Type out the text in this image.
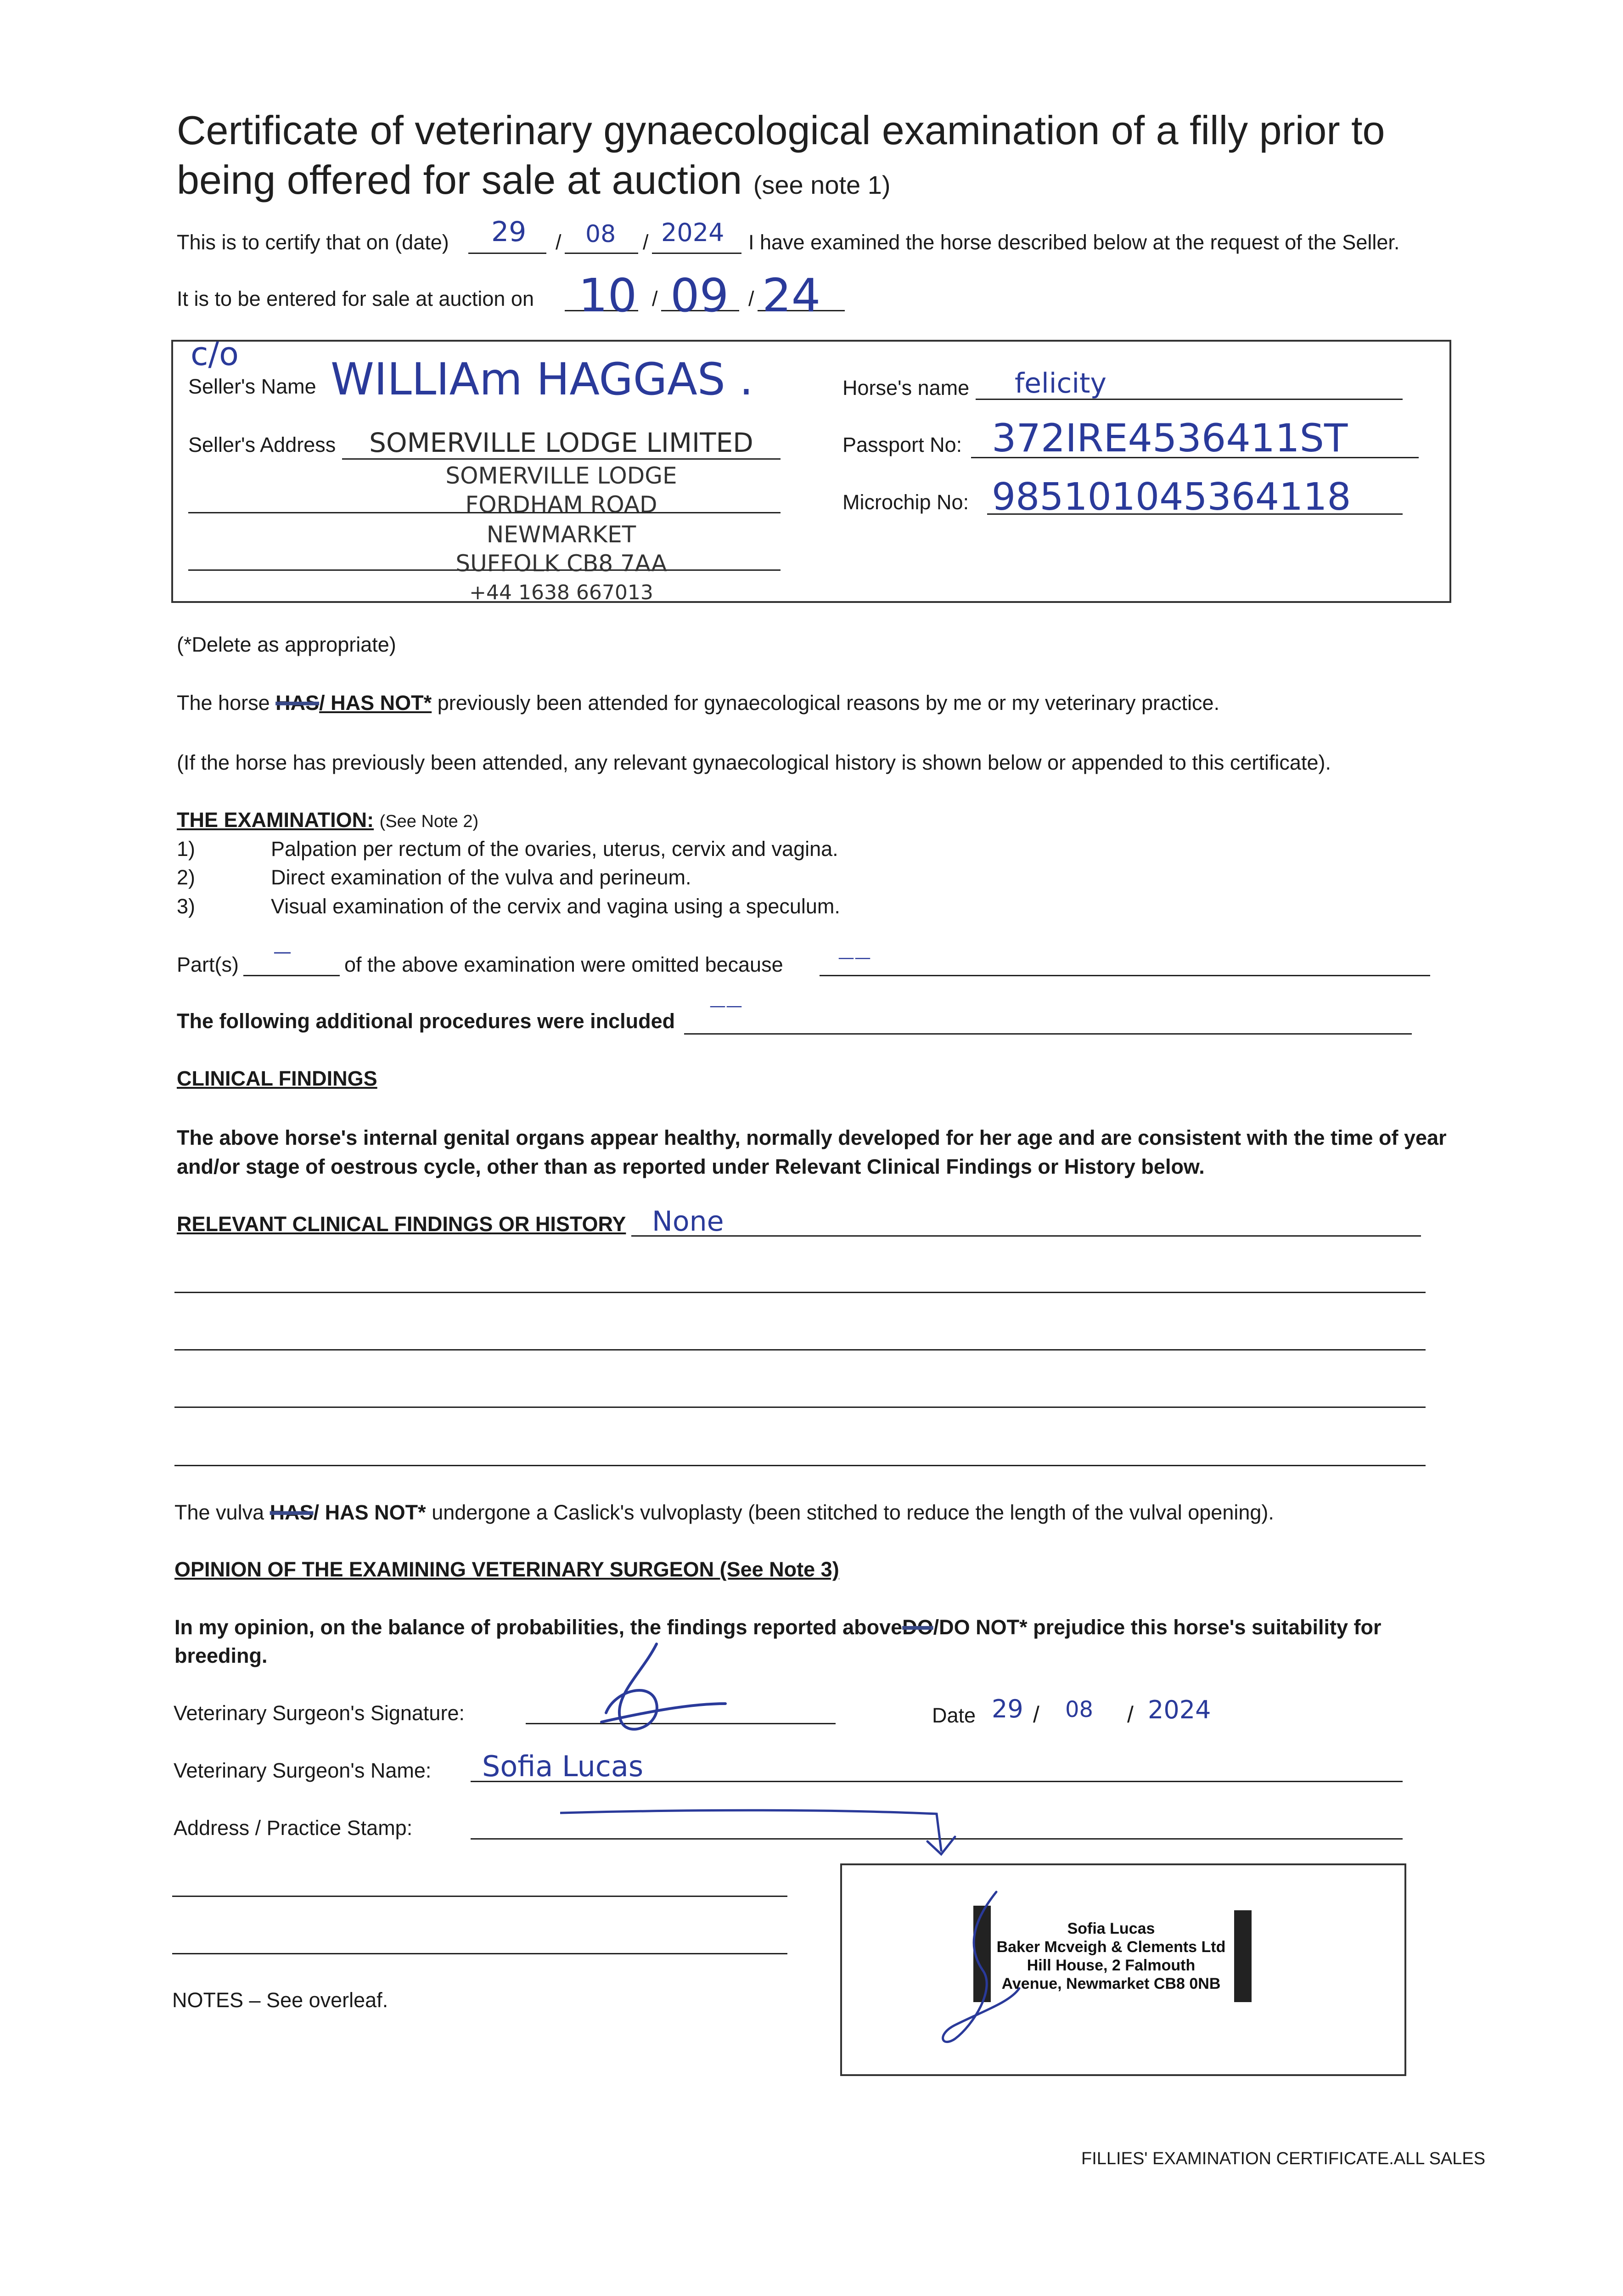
Certificate of veterinary gynaecological examination of a filly prior to
being offered for sale at auction (see note 1)
This is to certify that on (date) 29 / 08 / 2024 I have examined the horse described below at the request of the Seller.
It is to be entered for sale at auction on 10 / 09 / 24
c/o
Seller's Name WILLIAm HAGGAS .
Seller's Address	SOMERVILLE LODGE LIMITED
SOMERVILLE LODGE
FORDHAM ROAD
NEWMARKET
SUFFOLK CB8 7AA
+44 1638 667013
Horse's name felicity
Passport No: 372IRE4536411ST
Microchip No: 985101045364118
(*Delete as appropriate)
The horse HAS/ HAS NOT* previously been attended for gynaecological reasons by me or my veterinary practice.
(If the horse has previously been attended, any relevant gynaecological history is shown below or appended to this certificate).
THE EXAMINATION: (See Note 2)
1)	Palpation per rectum of the ovaries, uterus, cervix and vagina.
2)	Direct examination of the vulva and perineum.
3)	Visual examination of the cervix and vagina using a speculum.
Part(s)
—
of the above examination were omitted because	——
The following additional procedures were included
——
CLINICAL FINDINGS
The above horse's internal genital organs appear healthy, normally developed for her age and are consistent with the time of year
and/or stage of oestrous cycle, other than as reported under Relevant Clinical Findings or History below.
RELEVANT CLINICAL FINDINGS OR HISTORY None
The vulva HAS/ HAS NOT* undergone a Caslick's vulvoplasty (been stitched to reduce the length of the vulval opening).
OPINION OF THE EXAMINING VETERINARY SURGEON (See Note 3)
In my opinion, on the balance of probabilities, the findings reported aboveDO/DO NOT* prejudice this horse's suitability for
breeding.
Veterinary Surgeon's Signature:	Date 29 / 08 / 2024
Veterinary Surgeon's Name: Sofia Lucas
Address / Practice Stamp:
Sofia Lucas
Baker Mcveigh & Clements Ltd
Hill House, 2 Falmouth
Avenue, Newmarket CB8 0NB
NOTES – See overleaf.
FILLIES' EXAMINATION CERTIFICATE.ALL SALES
